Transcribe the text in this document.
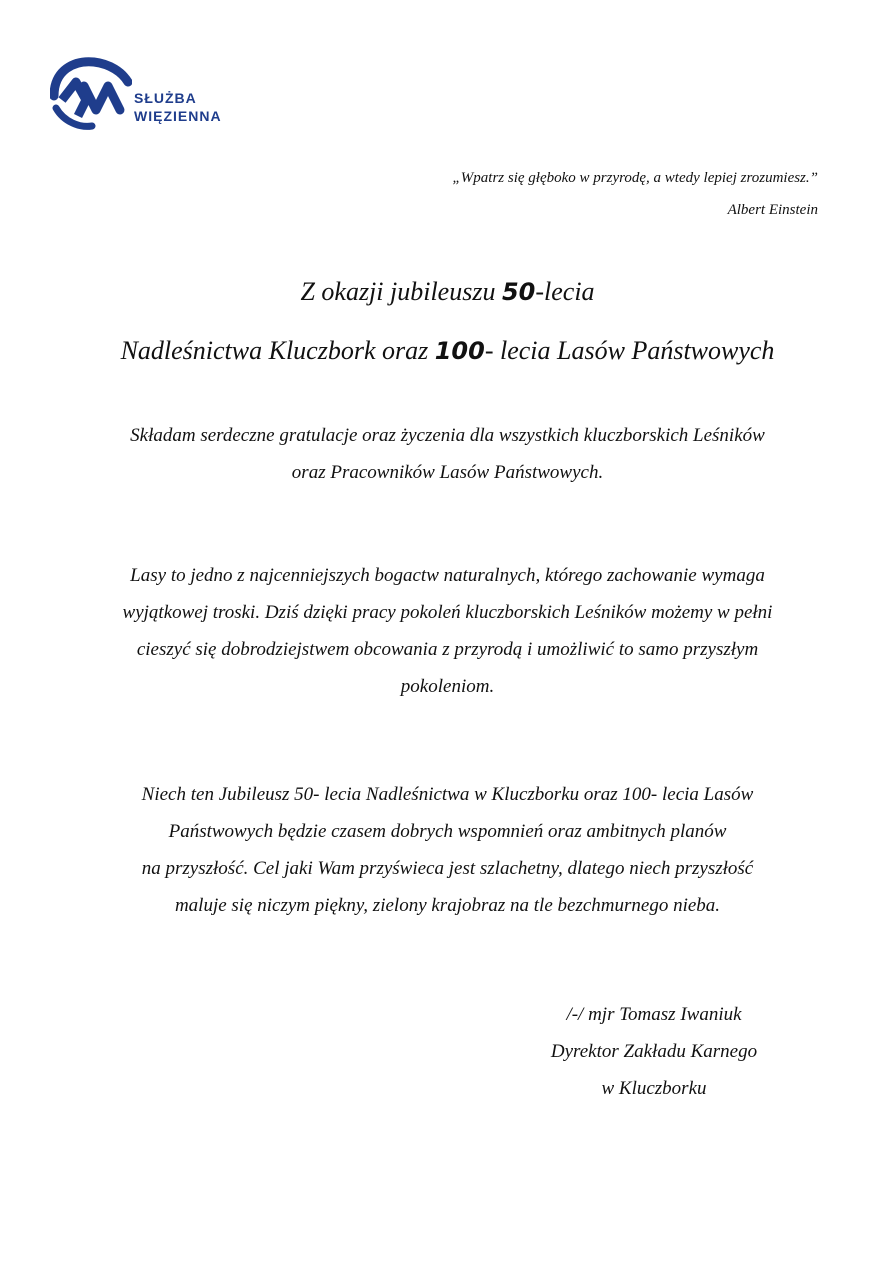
SŁUŻBA
WIĘZIENNA
„Wpatrz się głęboko w przyrodę, a wtedy lepiej zrozumiesz.”
Albert Einstein
Z okazji jubileuszu 50-lecia
Nadleśnictwa Kluczbork oraz 100- lecia Lasów Państwowych
Składam serdeczne gratulacje oraz życzenia dla wszystkich kluczborskich Leśników
oraz Pracowników Lasów Państwowych.
Lasy to jedno z najcenniejszych bogactw naturalnych, którego zachowanie wymaga
wyjątkowej troski. Dziś dzięki pracy pokoleń kluczborskich Leśników możemy w pełni
cieszyć się dobrodziejstwem obcowania z przyrodą i umożliwić to samo przyszłym
pokoleniom.
Niech ten Jubileusz 50- lecia Nadleśnictwa w Kluczborku oraz 100- lecia Lasów
Państwowych będzie czasem dobrych wspomnień oraz ambitnych planów
na przyszłość. Cel jaki Wam przyświeca jest szlachetny, dlatego niech przyszłość
maluje się niczym piękny, zielony krajobraz na tle bezchmurnego nieba.
/-/ mjr Tomasz Iwaniuk
Dyrektor Zakładu Karnego
w Kluczborku
